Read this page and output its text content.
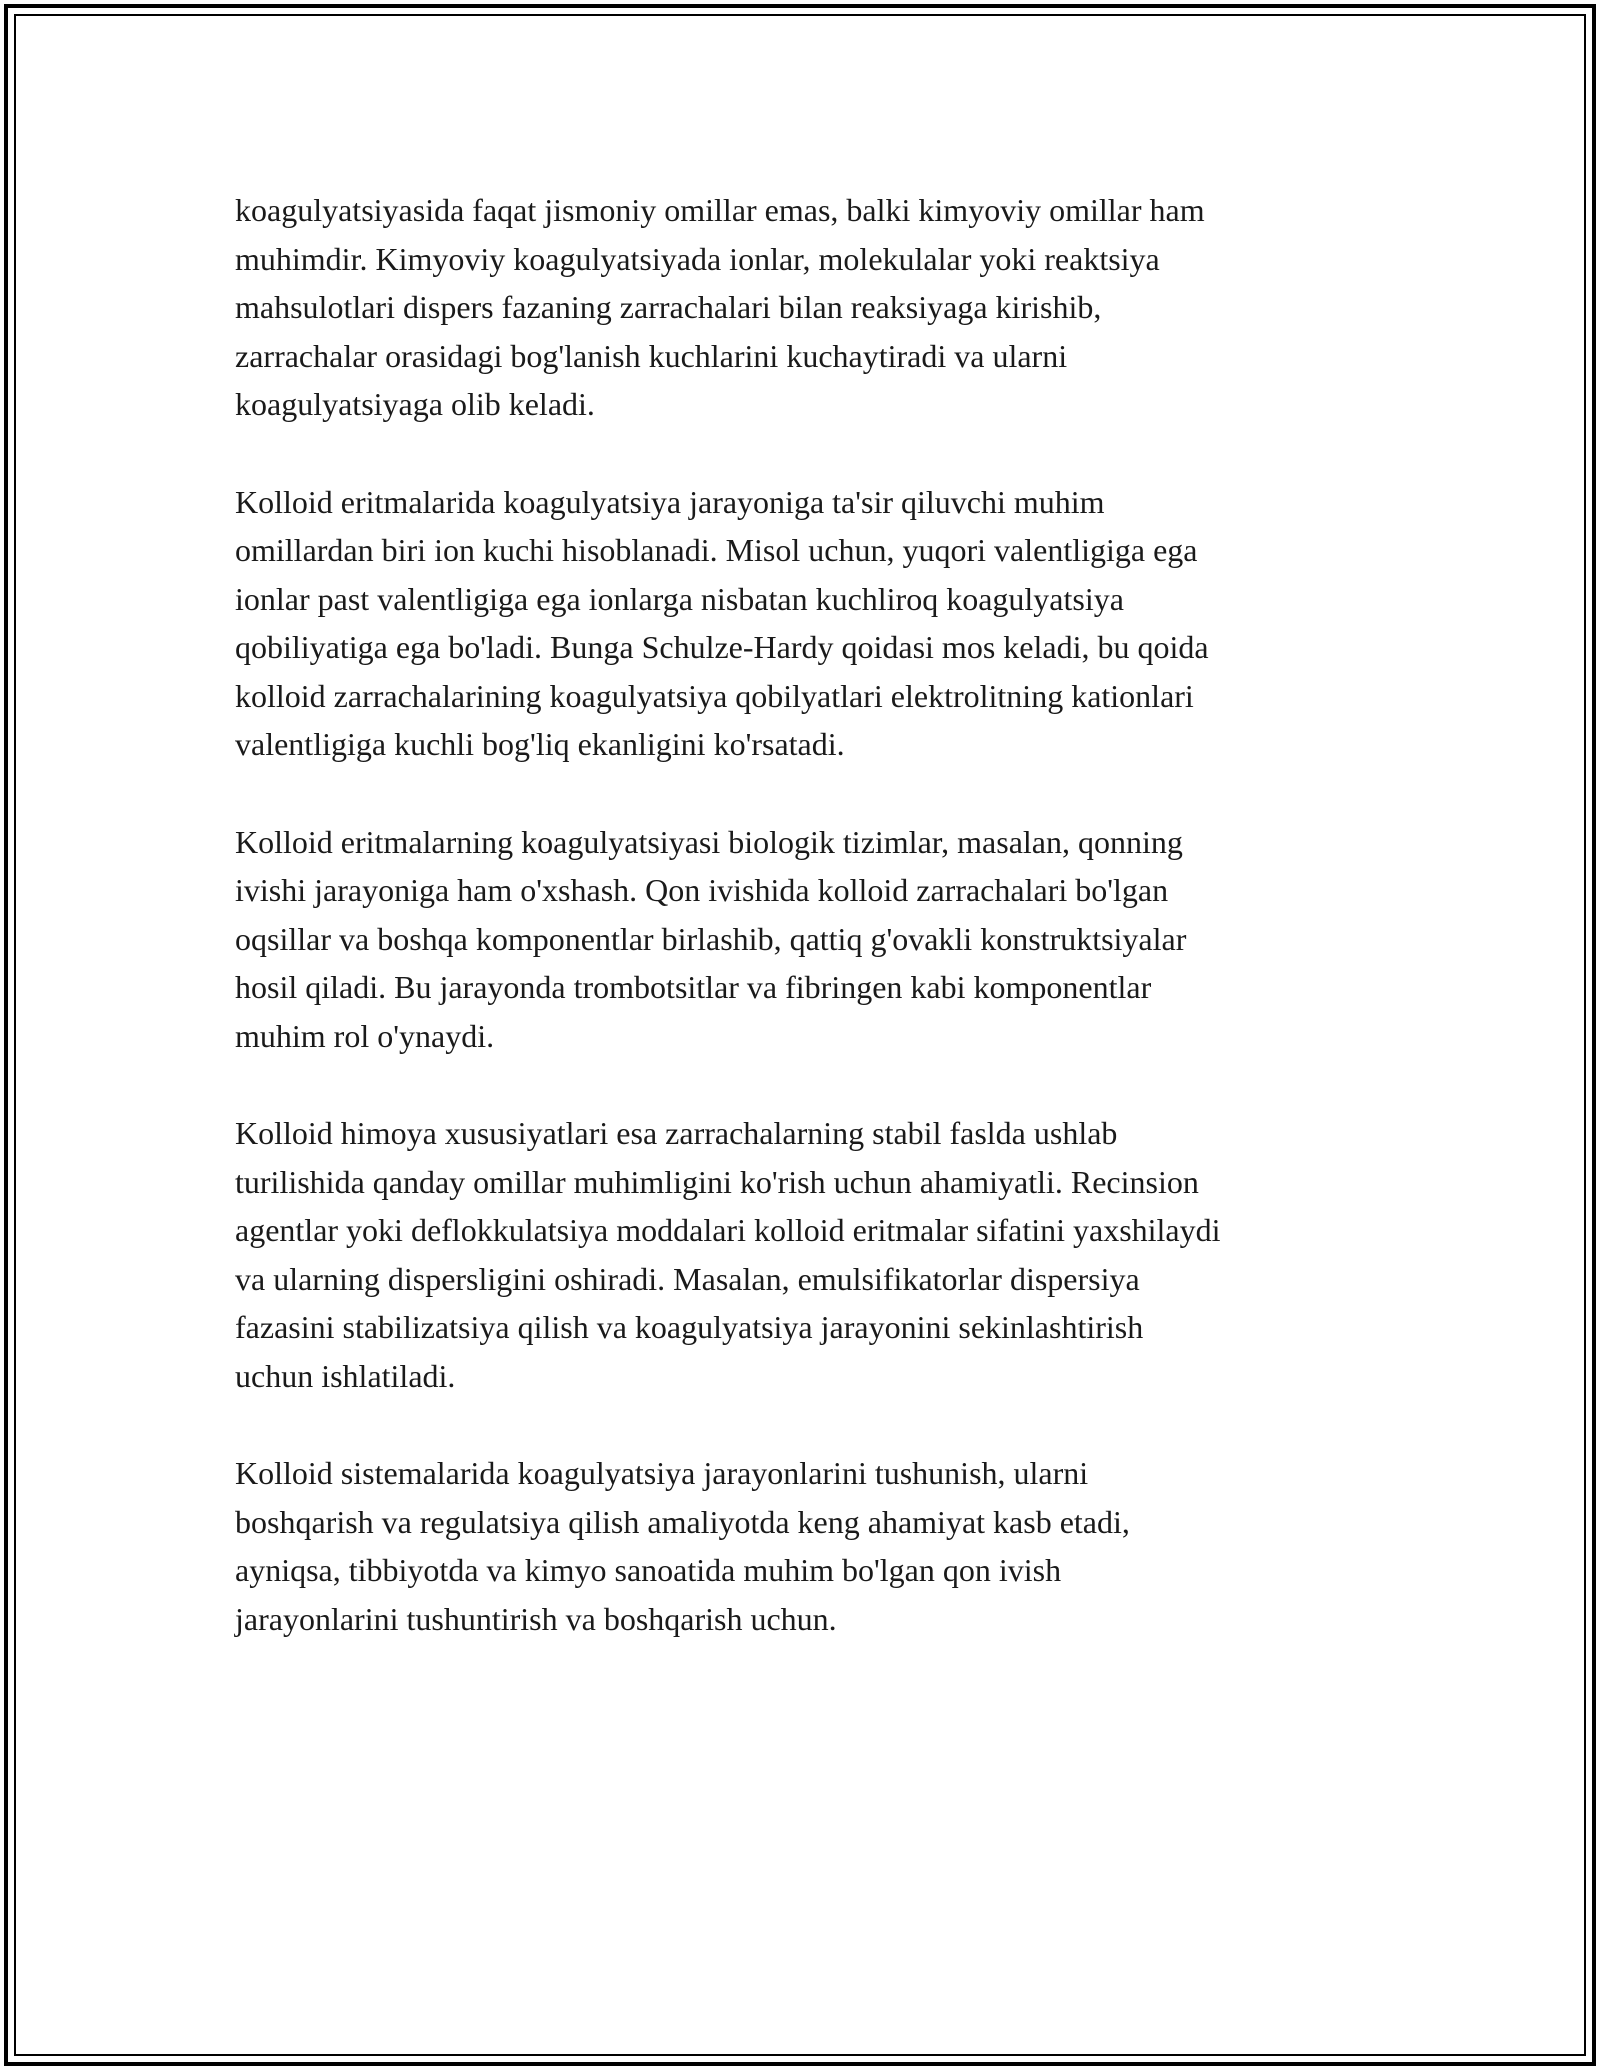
koagulyatsiyasida faqat jismoniy omillar emas, balki kimyoviy omillar ham
muhimdir. Kimyoviy koagulyatsiyada ionlar, molekulalar yoki reaktsiya
mahsulotlari dispers fazaning zarrachalari bilan reaksiyaga kirishib,
zarrachalar orasidagi bog'lanish kuchlarini kuchaytiradi va ularni
koagulyatsiyaga olib keladi.

Kolloid eritmalarida koagulyatsiya jarayoniga ta'sir qiluvchi muhim
omillardan biri ion kuchi hisoblanadi. Misol uchun, yuqori valentligiga ega
ionlar past valentligiga ega ionlarga nisbatan kuchliroq koagulyatsiya
qobiliyatiga ega bo'ladi. Bunga Schulze-Hardy qoidasi mos keladi, bu qoida
kolloid zarrachalarining koagulyatsiya qobilyatlari elektrolitning kationlari
valentligiga kuchli bog'liq ekanligini ko'rsatadi.

Kolloid eritmalarning koagulyatsiyasi biologik tizimlar, masalan, qonning
ivishi jarayoniga ham o'xshash. Qon ivishida kolloid zarrachalari bo'lgan
oqsillar va boshqa komponentlar birlashib, qattiq g'ovakli konstruktsiyalar
hosil qiladi. Bu jarayonda trombotsitlar va fibringen kabi komponentlar
muhim rol o'ynaydi.

Kolloid himoya xususiyatlari esa zarrachalarning stabil faslda ushlab
turilishida qanday omillar muhimligini ko'rish uchun ahamiyatli. Recinsion
agentlar yoki deflokkulatsiya moddalari kolloid eritmalar sifatini yaxshilaydi
va ularning dispersligini oshiradi. Masalan, emulsifikatorlar dispersiya
fazasini stabilizatsiya qilish va koagulyatsiya jarayonini sekinlashtirish
uchun ishlatiladi.

Kolloid sistemalarida koagulyatsiya jarayonlarini tushunish, ularni
boshqarish va regulatsiya qilish amaliyotda keng ahamiyat kasb etadi,
ayniqsa, tibbiyotda va kimyo sanoatida muhim bo'lgan qon ivish
jarayonlarini tushuntirish va boshqarish uchun.
